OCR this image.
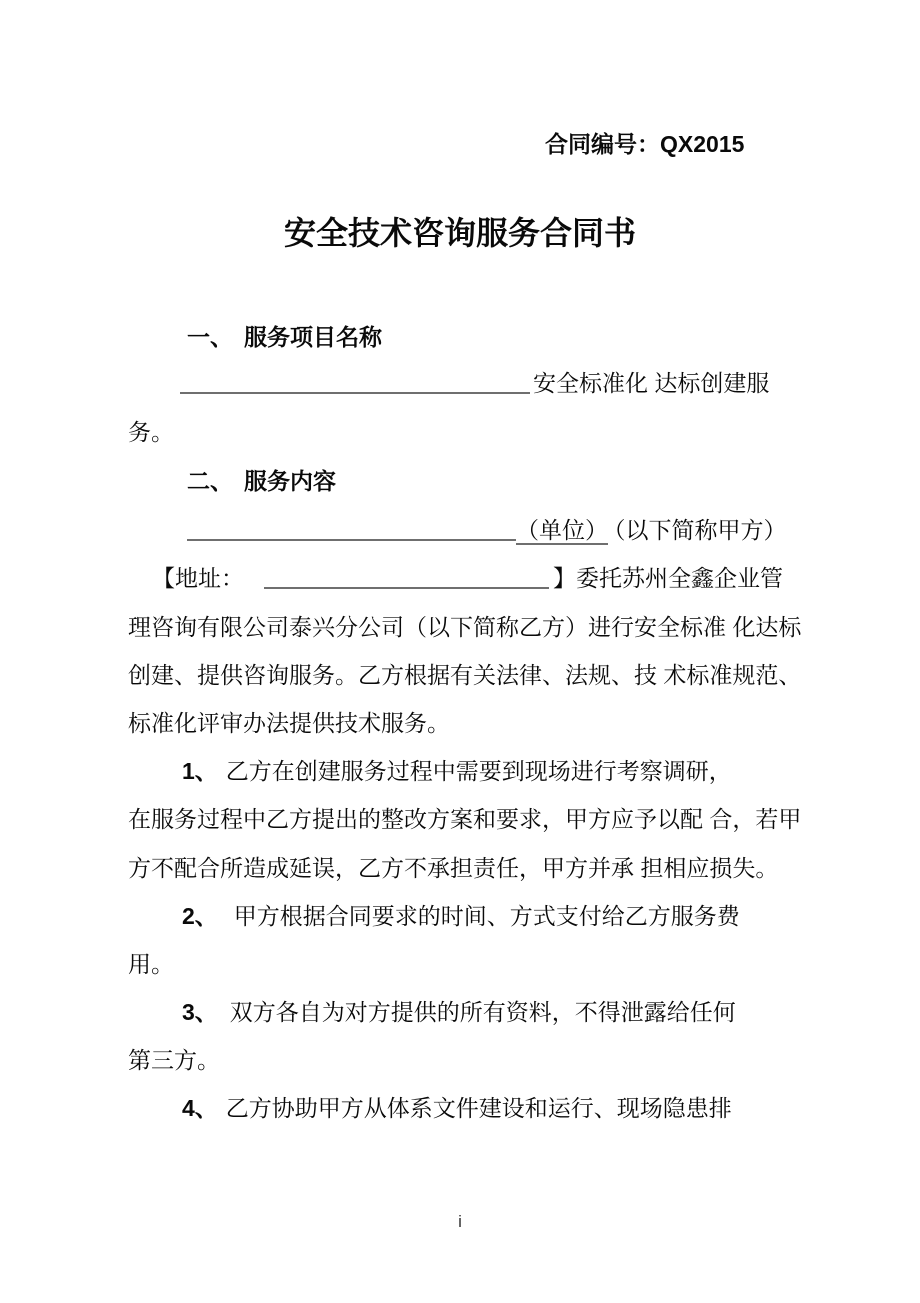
合同编号：QX2015
安全技术咨询服务合同书
一、 服务项目名称
安全标准化 达标创建服
务。
二、 服务内容
（单位） （以下简称甲方）
【地址：	】委托苏州全鑫企业管
理咨询有限公司泰兴分公司（以下简称乙方）进行安全标准 化达标
创建、提供咨询服务。乙方根据有关法律、法规、技 术标准规范、
标准化评审办法提供技术服务。
1、 乙方在创建服务过程中需要到现场进行考察调研，
在服务过程中乙方提出的整改方案和要求，甲方应予以配 合，若甲
方不配合所造成延误，乙方不承担责任，甲方并承 担相应损失。
2、 甲方根据合同要求的时间、方式支付给乙方服务费
用。
3、 双方各自为对方提供的所有资料，不得泄露给任何
第三方。
4、 乙方协助甲方从体系文件建设和运行、现场隐患排
i
